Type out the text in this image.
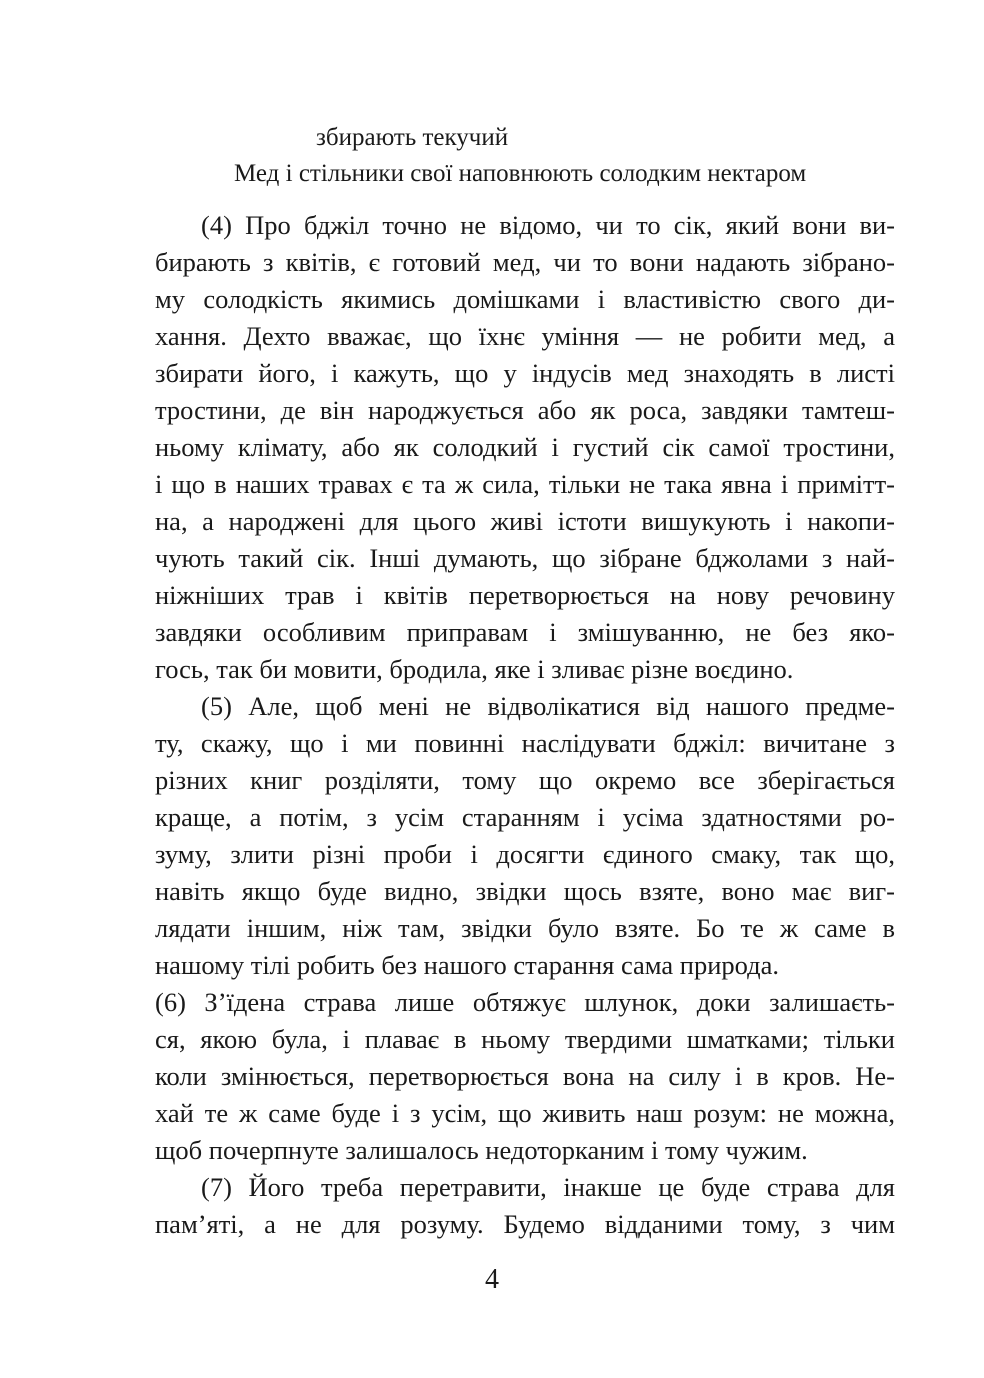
збирають текучий
Мед і стільники свої наповнюють солодким нектаром
(4) Про бджіл точно не відомо, чи то сік, який вони ви-
бирають з квітів, є готовий мед, чи то вони надають зібрано-
му солодкість якимись домішками і властивістю свого ди-
хання. Дехто вважає, що їхнє уміння — не робити мед, а
збирати його, і кажуть, що у індусів мед знаходять в листі
тростини, де він народжується або як роса, завдяки тамтеш-
ньому клімату, або як солодкий і густий сік самої тростини,
і що в наших травах є та ж сила, тільки не така явна і примітт-
на, а народжені для цього живі істоти вишукують і накопи-
чують такий сік. Інші думають, що зібране бджолами з най-
ніжніших трав і квітів перетворюється на нову речовину
завдяки особливим приправам і змішуванню, не без яко-
гось, так би мовити, бродила, яке і зливає різне воєдино.
(5) Але, щоб мені не відволікатися від нашого предме-
ту, скажу, що і ми повинні наслідувати бджіл: вичитане з
різних книг розділяти, тому що окремо все зберігається
краще, а потім, з усім старанням і усіма здатностями ро-
зуму, злити різні проби і досягти єдиного смаку, так що,
навіть якщо буде видно, звідки щось взяте, воно має виг-
лядати іншим, ніж там, звідки було взяте. Бо те ж саме в
нашому тілі робить без нашого старання сама природа.
(6) З’їдена страва лише обтяжує шлунок, доки залишаєть-
ся, якою була, і плаває в ньому твердими шматками; тільки
коли змінюється, перетворюється вона на силу і в кров. Не-
хай те ж саме буде і з усім, що живить наш розум: не можна,
щоб почерпнуте залишалось недоторканим і тому чужим.
4
(7) Його треба перетравити, інакше це буде страва для
пам’яті, а не для розуму. Будемо відданими тому, з чим
